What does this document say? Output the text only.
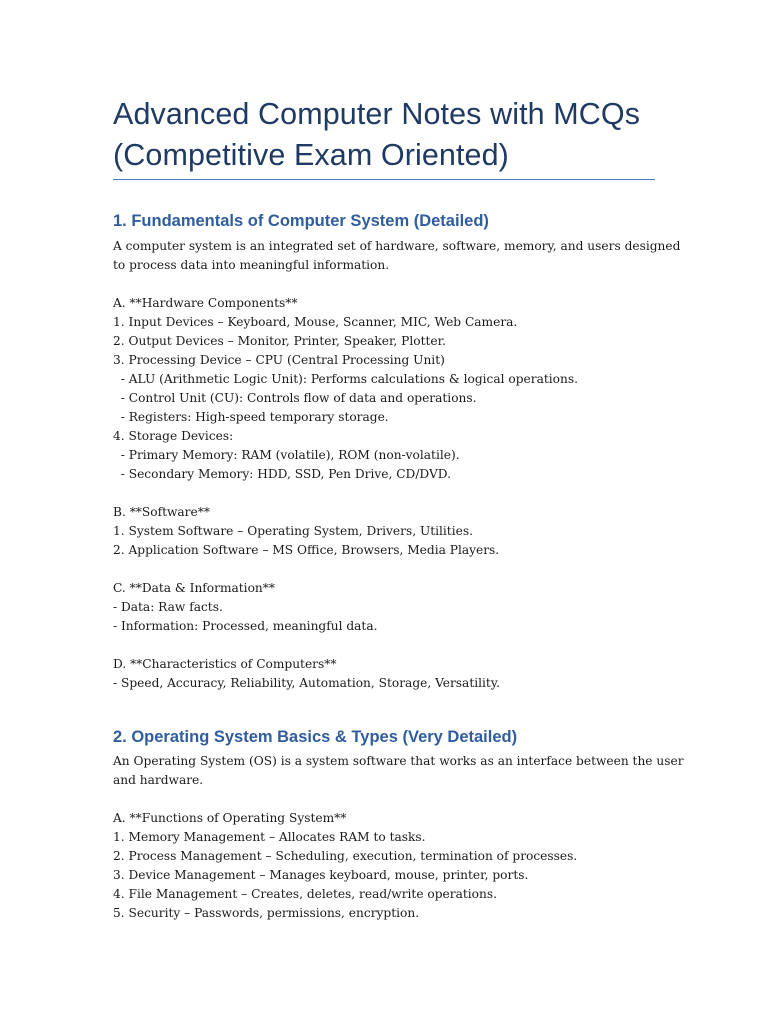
Advanced Computer Notes with MCQs
(Competitive Exam Oriented)
1. Fundamentals of Computer System (Detailed)
A computer system is an integrated set of hardware, software, memory, and users designed
to process data into meaningful information.
A. **Hardware Components**
1. Input Devices – Keyboard, Mouse, Scanner, MIC, Web Camera.
2. Output Devices – Monitor, Printer, Speaker, Plotter.
3. Processing Device – CPU (Central Processing Unit)
- ALU (Arithmetic Logic Unit): Performs calculations & logical operations.
- Control Unit (CU): Controls flow of data and operations.
- Registers: High-speed temporary storage.
4. Storage Devices:
- Primary Memory: RAM (volatile), ROM (non-volatile).
- Secondary Memory: HDD, SSD, Pen Drive, CD/DVD.
B. **Software**
1. System Software – Operating System, Drivers, Utilities.
2. Application Software – MS Office, Browsers, Media Players.
C. **Data & Information**
- Data: Raw facts.
- Information: Processed, meaningful data.
D. **Characteristics of Computers**
- Speed, Accuracy, Reliability, Automation, Storage, Versatility.
2. Operating System Basics & Types (Very Detailed)
An Operating System (OS) is a system software that works as an interface between the user
and hardware.
A. **Functions of Operating System**
1. Memory Management – Allocates RAM to tasks.
2. Process Management – Scheduling, execution, termination of processes.
3. Device Management – Manages keyboard, mouse, printer, ports.
4. File Management – Creates, deletes, read/write operations.
5. Security – Passwords, permissions, encryption.
